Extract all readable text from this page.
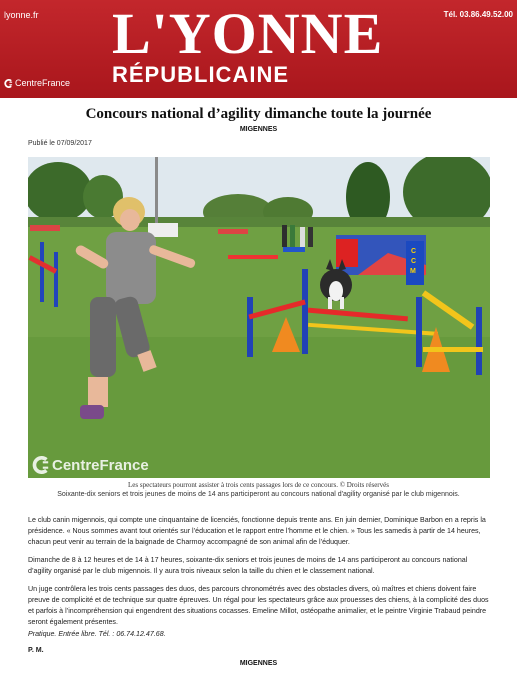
lyonne.fr L'YONNE
RÉPUBLICAINE
Tél. 03.86.49.52.00
CentreFrance
Concours national d’agility dimanche toute la journée
MIGENNES
Publié le 07/09/2017
C
C
M
CentreFrance
Les spectateurs pourront assister à trois cents passages lors de ce concours. © Droits réservés
Soixante-dix seniors et trois jeunes de moins de 14 ans participeront au concours national d'agility organisé par le club migennois.

Le club canin migennois, qui compte une cinquantaine de licenciés, fonctionne depuis trente ans. En juin dernier, Dominique Barbon en a repris la présidence. « Nous sommes avant tout orientés sur l’éducation et le rapport entre l’homme et le chien. » Tous les samedis à partir de 14 heures, chacun peut venir au terrain de la baignade de Charmoy accompagné de son animal afin de l’éduquer.

Dimanche de 8 à 12 heures et de 14 à 17 heures, soixante-dix seniors et trois jeunes de moins de 14 ans participeront au concours national d’agility organisé par le club migennois. Il y aura trois niveaux selon la taille du chien et le classement national.

Un juge contrôlera les trois cents passages des duos, des parcours chronométrés avec des obstacles divers, où maîtres et chiens doivent faire preuve de complicité et de technique sur quatre épreuves. Un régal pour les spectateurs grâce aux prouesses des chiens, à la complicité des duos et parfois à l’incompréhension qui engendrent des situations cocasses. Emeline Millot, ostéopathe animalier, et le peintre Virginie Trabaud peindre seront également présentes.

Pratique. Entrée libre. Tél. : 06.74.12.47.68.
P. M.
MIGENNES
